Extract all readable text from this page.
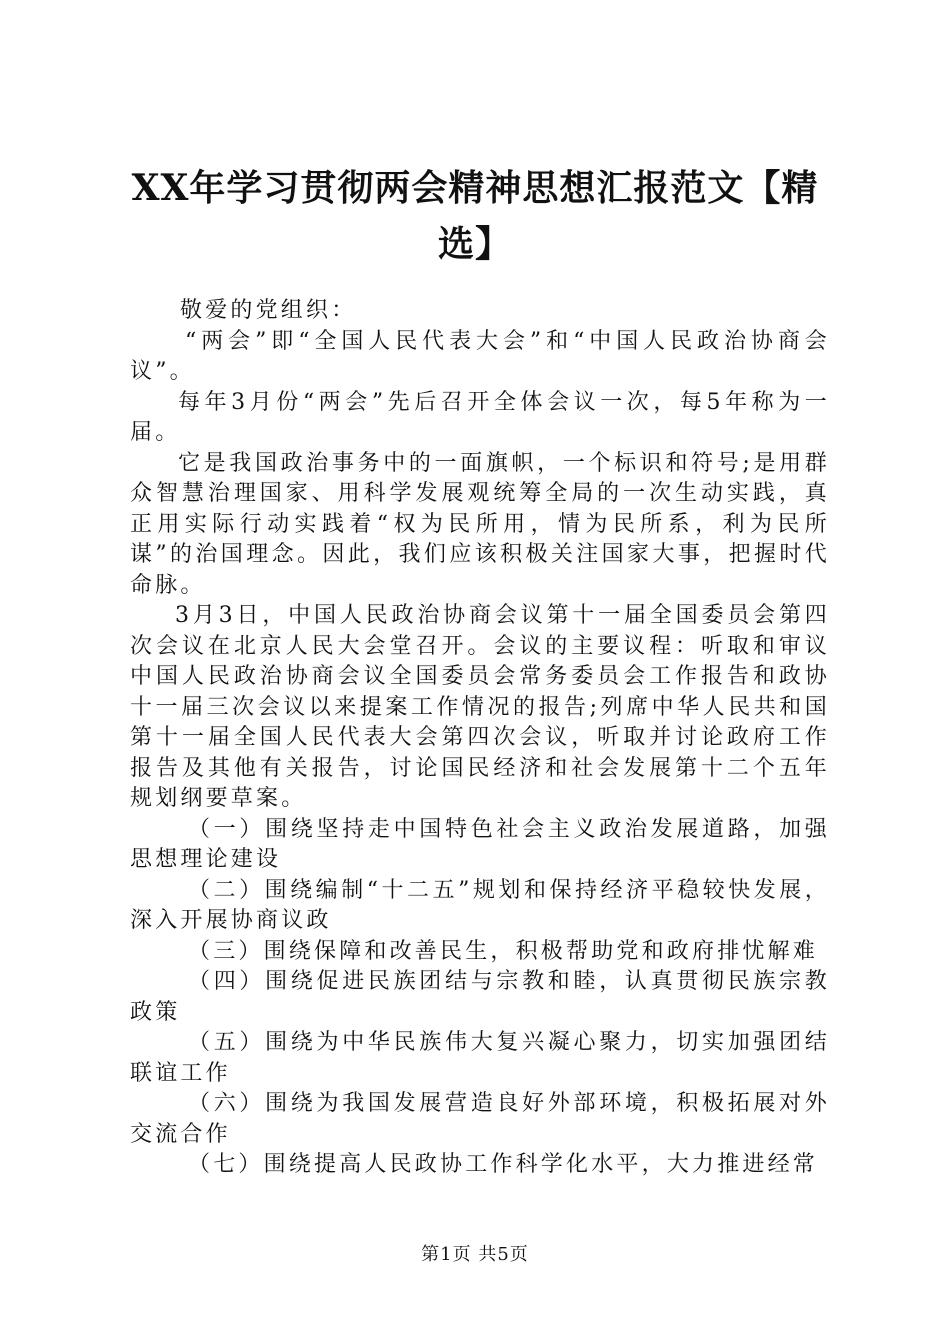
XX年学习贯彻两会精神思想汇报范文【精选】

敬爱的党组织：

“两会”即“全国人民代表大会”和“中国人民政治协商会议”。

每年3月份“两会”先后召开全体会议一次，每5年称为一届。

它是我国政治事务中的一面旗帜，一个标识和符号;是用群众智慧治理国家、用科学发展观统筹全局的一次生动实践，真正用实际行动实践着“权为民所用，情为民所系，利为民所谋”的治国理念。因此，我们应该积极关注国家大事，把握时代命脉。

3月3日，中国人民政治协商会议第十一届全国委员会第四次会议在北京人民大会堂召开。会议的主要议程：听取和审议中国人民政治协商会议全国委员会常务委员会工作报告和政协十一届三次会议以来提案工作情况的报告;列席中华人民共和国第十一届全国人民代表大会第四次会议，听取并讨论政府工作报告及其他有关报告，讨论国民经济和社会发展第十二个五年规划纲要草案。

（一）围绕坚持走中国特色社会主义政治发展道路，加强思想理论建设

（二）围绕编制“十二五”规划和保持经济平稳较快发展，深入开展协商议政

（三）围绕保障和改善民生，积极帮助党和政府排忧解难

（四）围绕促进民族团结与宗教和睦，认真贯彻民族宗教政策

（五）围绕为中华民族伟大复兴凝心聚力，切实加强团结联谊工作

（六）围绕为我国发展营造良好外部环境，积极拓展对外交流合作

（七）围绕提高人民政协工作科学化水平，大力推进经常

第1页 共5页
